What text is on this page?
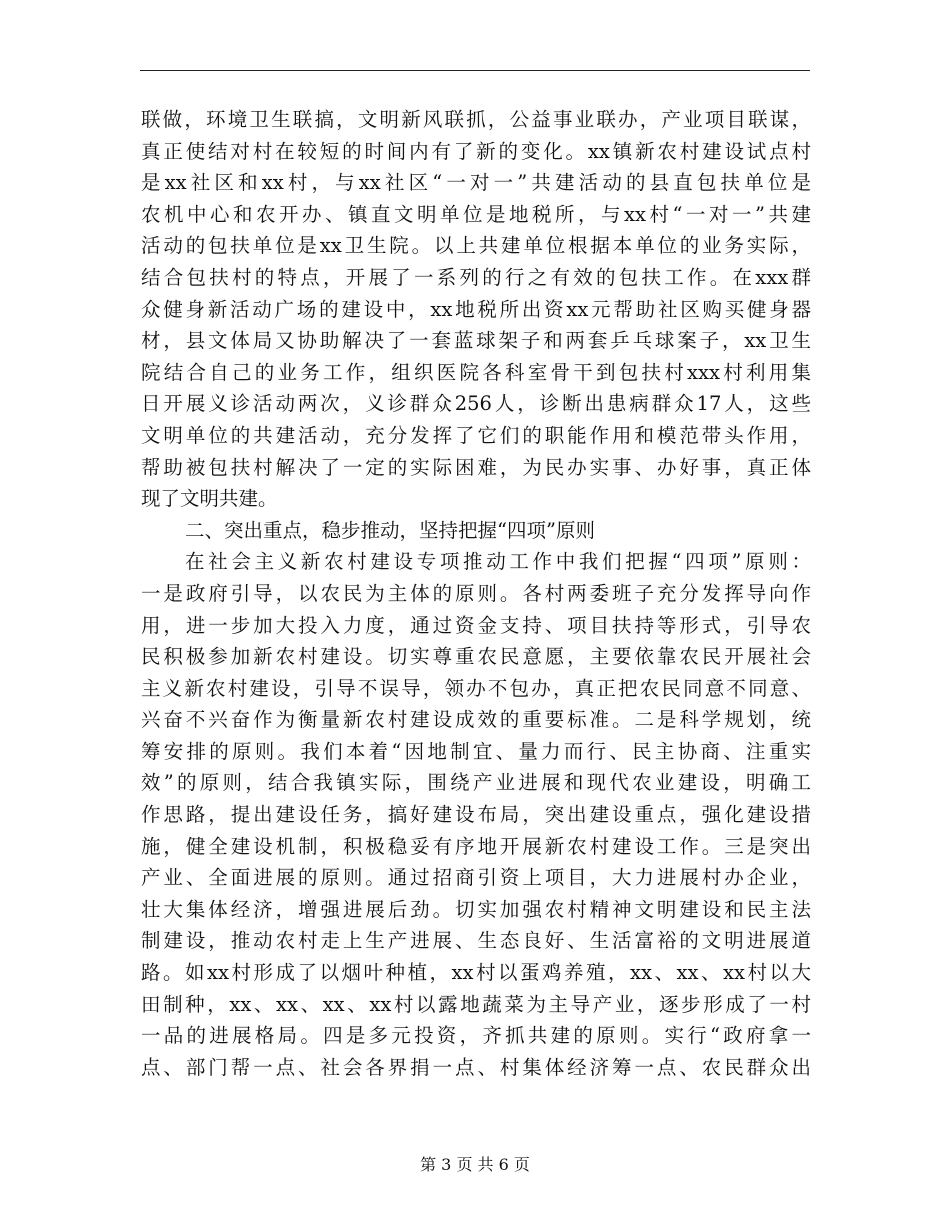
联做，环境卫生联搞，文明新风联抓，公益事业联办，产业项目联谋，
真正使结对村在较短的时间内有了新的变化。xx镇新农村建设试点村
是xx社区和xx村，与xx社区“一对一”共建活动的县直包扶单位是
农机中心和农开办、镇直文明单位是地税所，与xx村“一对一”共建
活动的包扶单位是xx卫生院。以上共建单位根据本单位的业务实际，
结合包扶村的特点，开展了一系列的行之有效的包扶工作。在xxx群
众健身新活动广场的建设中，xx地税所出资xx元帮助社区购买健身器
材，县文体局又协助解决了一套蓝球架子和两套乒乓球案子，xx卫生
院结合自己的业务工作，组织医院各科室骨干到包扶村xxx村利用集
日开展义诊活动两次，义诊群众256人，诊断出患病群众17人，这些
文明单位的共建活动，充分发挥了它们的职能作用和模范带头作用，
帮助被包扶村解决了一定的实际困难，为民办实事、办好事，真正体
现了文明共建。
二、突出重点，稳步推动，坚持把握“四项”原则
在社会主义新农村建设专项推动工作中我们把握“四项”原则：
一是政府引导，以农民为主体的原则。各村两委班子充分发挥导向作
用，进一步加大投入力度，通过资金支持、项目扶持等形式，引导农
民积极参加新农村建设。切实尊重农民意愿，主要依靠农民开展社会
主义新农村建设，引导不误导，领办不包办，真正把农民同意不同意、
兴奋不兴奋作为衡量新农村建设成效的重要标准。二是科学规划，统
筹安排的原则。我们本着“因地制宜、量力而行、民主协商、注重实
效”的原则，结合我镇实际，围绕产业进展和现代农业建设，明确工
作思路，提出建设任务，搞好建设布局，突出建设重点，强化建设措
施，健全建设机制，积极稳妥有序地开展新农村建设工作。三是突出
产业、全面进展的原则。通过招商引资上项目，大力进展村办企业，
壮大集体经济，增强进展后劲。切实加强农村精神文明建设和民主法
制建设，推动农村走上生产进展、生态良好、生活富裕的文明进展道
路。如xx村形成了以烟叶种植，xx村以蛋鸡养殖，xx、xx、xx村以大
田制种，xx、xx、xx、xx村以露地蔬菜为主导产业，逐步形成了一村
一品的进展格局。四是多元投资，齐抓共建的原则。实行“政府拿一
点、部门帮一点、社会各界捐一点、村集体经济筹一点、农民群众出
第 3 页 共 6 页
